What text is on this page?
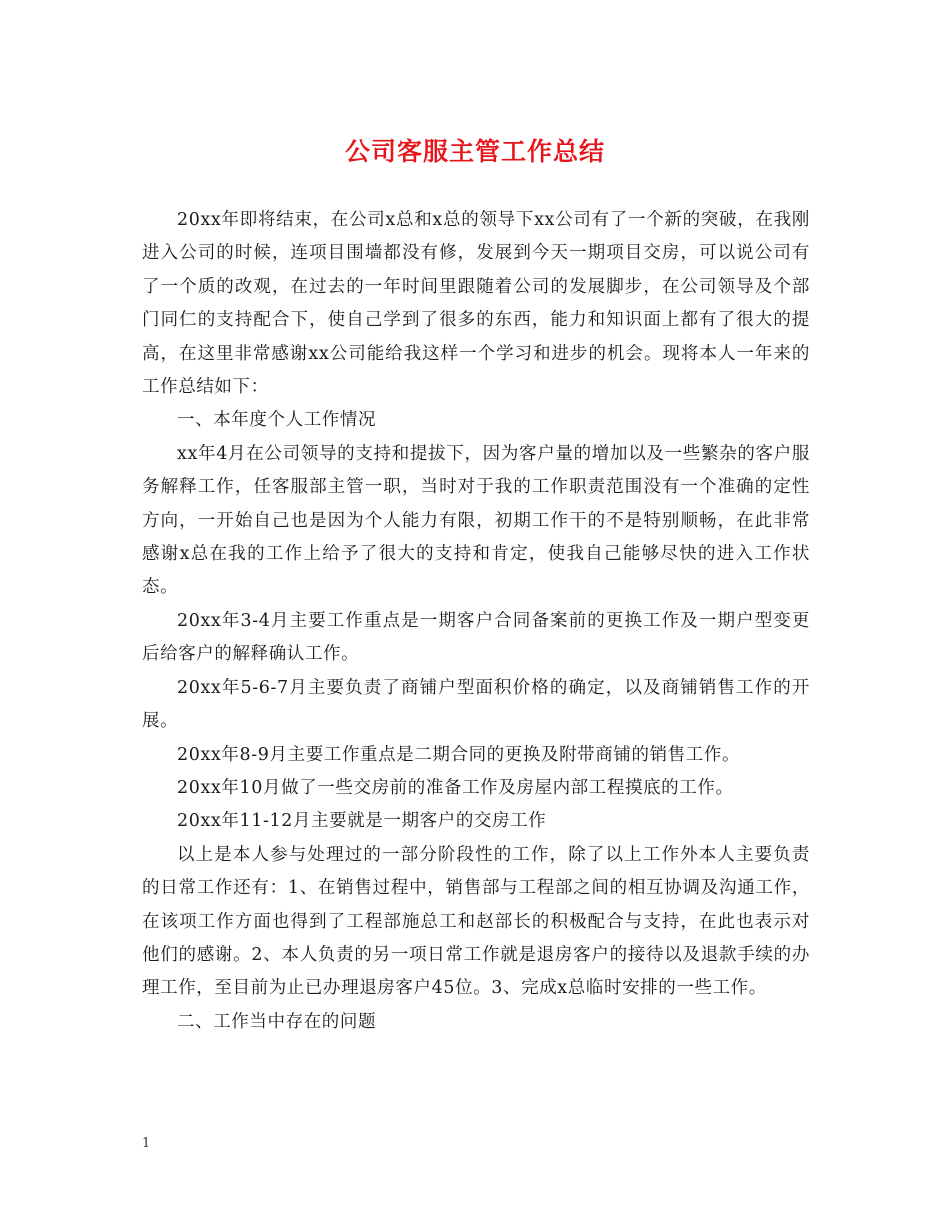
公司客服主管工作总结

20xx年即将结束，在公司x总和x总的领导下xx公司有了一个新的突破，在我刚进入公司的时候，连项目围墙都没有修，发展到今天一期项目交房，可以说公司有了一个质的改观，在过去的一年时间里跟随着公司的发展脚步，在公司领导及个部门同仁的支持配合下，使自己学到了很多的东西，能力和知识面上都有了很大的提高，在这里非常感谢xx公司能给我这样一个学习和进步的机会。现将本人一年来的工作总结如下：

一、本年度个人工作情况

xx年4月在公司领导的支持和提拔下，因为客户量的增加以及一些繁杂的客户服务解释工作，任客服部主管一职，当时对于我的工作职责范围没有一个准确的定性方向，一开始自己也是因为个人能力有限，初期工作干的不是特别顺畅，在此非常感谢x总在我的工作上给予了很大的支持和肯定，使我自己能够尽快的进入工作状态。

20xx年3-4月主要工作重点是一期客户合同备案前的更换工作及一期户型变更后给客户的解释确认工作。

20xx年5-6-7月主要负责了商铺户型面积价格的确定，以及商铺销售工作的开展。

20xx年8-9月主要工作重点是二期合同的更换及附带商铺的销售工作。

20xx年10月做了一些交房前的准备工作及房屋内部工程摸底的工作。

20xx年11-12月主要就是一期客户的交房工作

以上是本人参与处理过的一部分阶段性的工作，除了以上工作外本人主要负责的日常工作还有：1、在销售过程中，销售部与工程部之间的相互协调及沟通工作，在该项工作方面也得到了工程部施总工和赵部长的积极配合与支持，在此也表示对他们的感谢。2、本人负责的另一项日常工作就是退房客户的接待以及退款手续的办理工作，至目前为止已办理退房客户45位。3、完成x总临时安排的一些工作。

二、工作当中存在的问题

1
